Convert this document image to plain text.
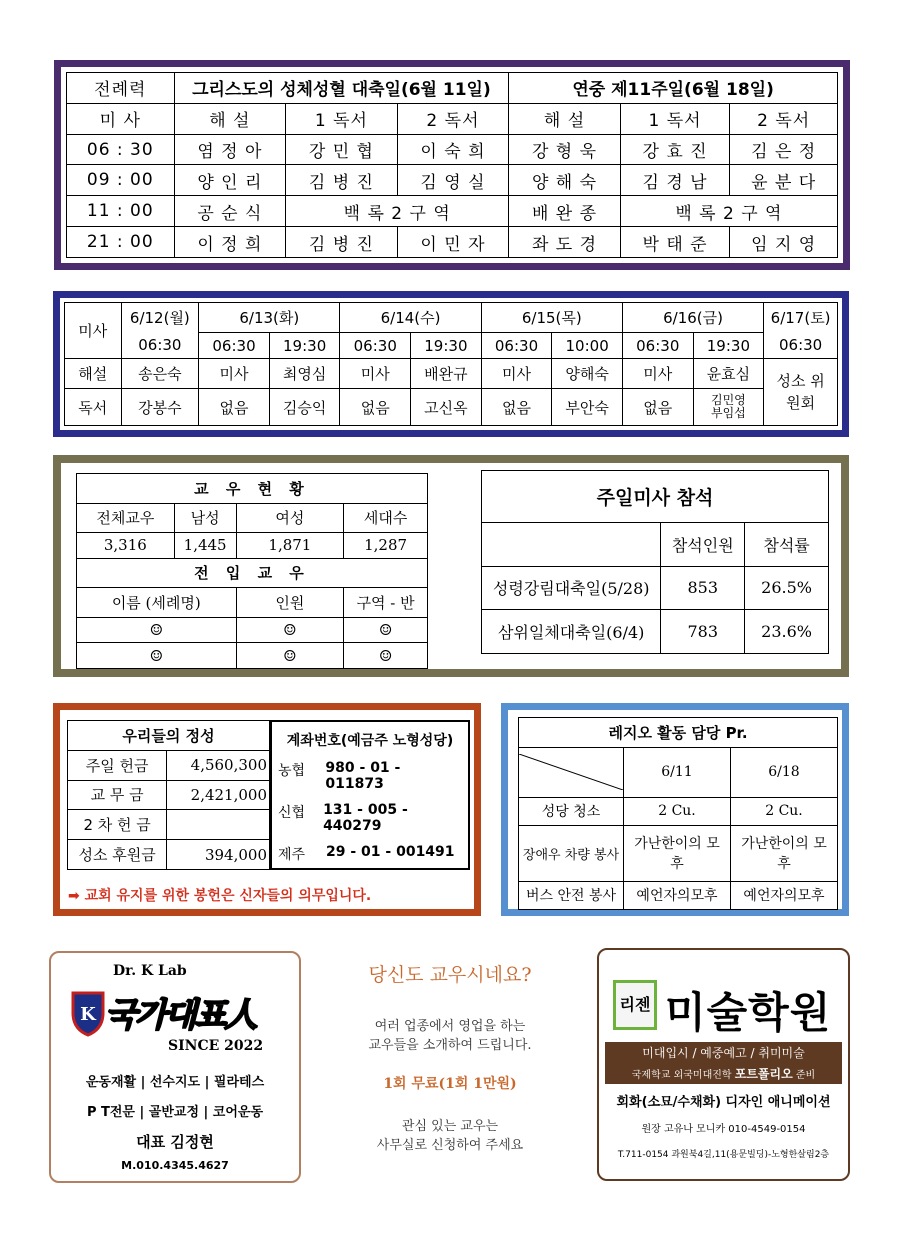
전례력	그리스도의 성체성혈 대축일(6월 11일)			연중 제11주일(6월 18일)		
미 사	해 설	1 독서	2 독서	해 설	1 독서	2 독서
06 : 30	염 정 아	강 민 협	이 숙 희	강 형 욱	강 효 진	김 은 정
09 : 00	양 인 리	김 병 진	김 영 실	양 해 숙	김 경 남	윤 분 다
11 : 00	공 순 식	백 록 2 구 역		배 완 종	백 록 2 구 역	
21 : 00	이 정 희	김 병 진	이 민 자	좌 도 경	박 태 준	임 지 영
미사	6/12(월)	6/13(화)		6/14(수)		6/15(목)		6/16(금)		6/17(토)
	06:30	06:30	19:30	06:30	19:30	06:30	10:00	06:30	19:30	06:30
해설	송은숙	미사	최영심	미사	배완규	미사	양해숙	미사	윤효심	성소 위원회
독서	강봉수	없음	김승익	없음	고신옥	없음	부안숙	없음	김민영 부임섭	
교 우 현 황			
전체교우	남성	여성	세대수
3,316	1,445	1,871	1,287
전 입 교 우			
이름 (세례명)		인원	구역 - 반
☺		☺	☺
☺		☺	☺
주일미사 참석		
	참석인원	참석률
성령강림대축일(5/28)	853	26.5%
삼위일체대축일(6/4)	783	23.6%
우리들의 정성	
주일 헌금	4,560,300
교 무 금	2,421,000
2 차 헌 금	
성소 후원금	394,000
계좌번호(예금주 노형성당)
농협	980 - 01 - 011873
신협	131 - 005 - 440279
제주	29 - 01 - 001491
➡ 교회 유지를 위한 봉헌은 신자들의 의무입니다.
레지오 활동 담당 Pr.		

	6/11	6/18
성당 청소	2 Cu.	2 Cu.
장애우 차량 봉사	가난한이의 모후	가난한이의 모후
버스 안전 봉사	예언자의모후	예언자의모후
Dr. K Lab
K 국가대표人
SINCE 2022
운동재활 | 선수지도 | 필라테스
P T전문 | 골반교정 | 코어운동
대표 김정현
M.010.4345.4627
당신도 교우시네요?
여러 업종에서 영업을 하는
교우들을 소개하여 드립니다.
1회 무료(1회 1만원)
관심 있는 교우는
사무실로 신청하여 주세요
리젠 미술학원
미대입시 / 예중예고 / 취미미술
국제학교 외국미대진학 포트폴리오 준비
회화(소묘/수채화) 디자인 애니메이션
원장 고유나 모니카 010-4549-0154
T.711-0154 과원북4길,11(용문빌딩)-노형한살림2층
